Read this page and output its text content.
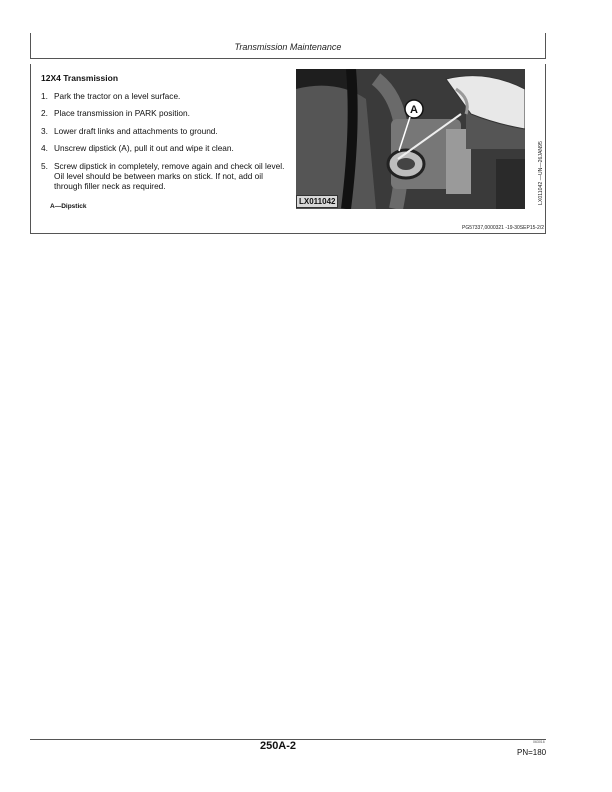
Transmission Maintenance
12X4 Transmission
1. Park the tractor on a level surface.
2. Place transmission in PARK position.
3. Lower draft links and attachments to ground.
4. Unscrew dipstick (A), pull it out and wipe it clean.
5. Screw dipstick in completely, remove again and check oil level. Oil level should be between marks on stick. If not, add oil through filler neck as required.
A—Dipstick
A
LX011042	LX011042 —UN—26JAN95
PG57337,0000321 -19-30SEP15-2/2
250A-2	063016
PN=180
